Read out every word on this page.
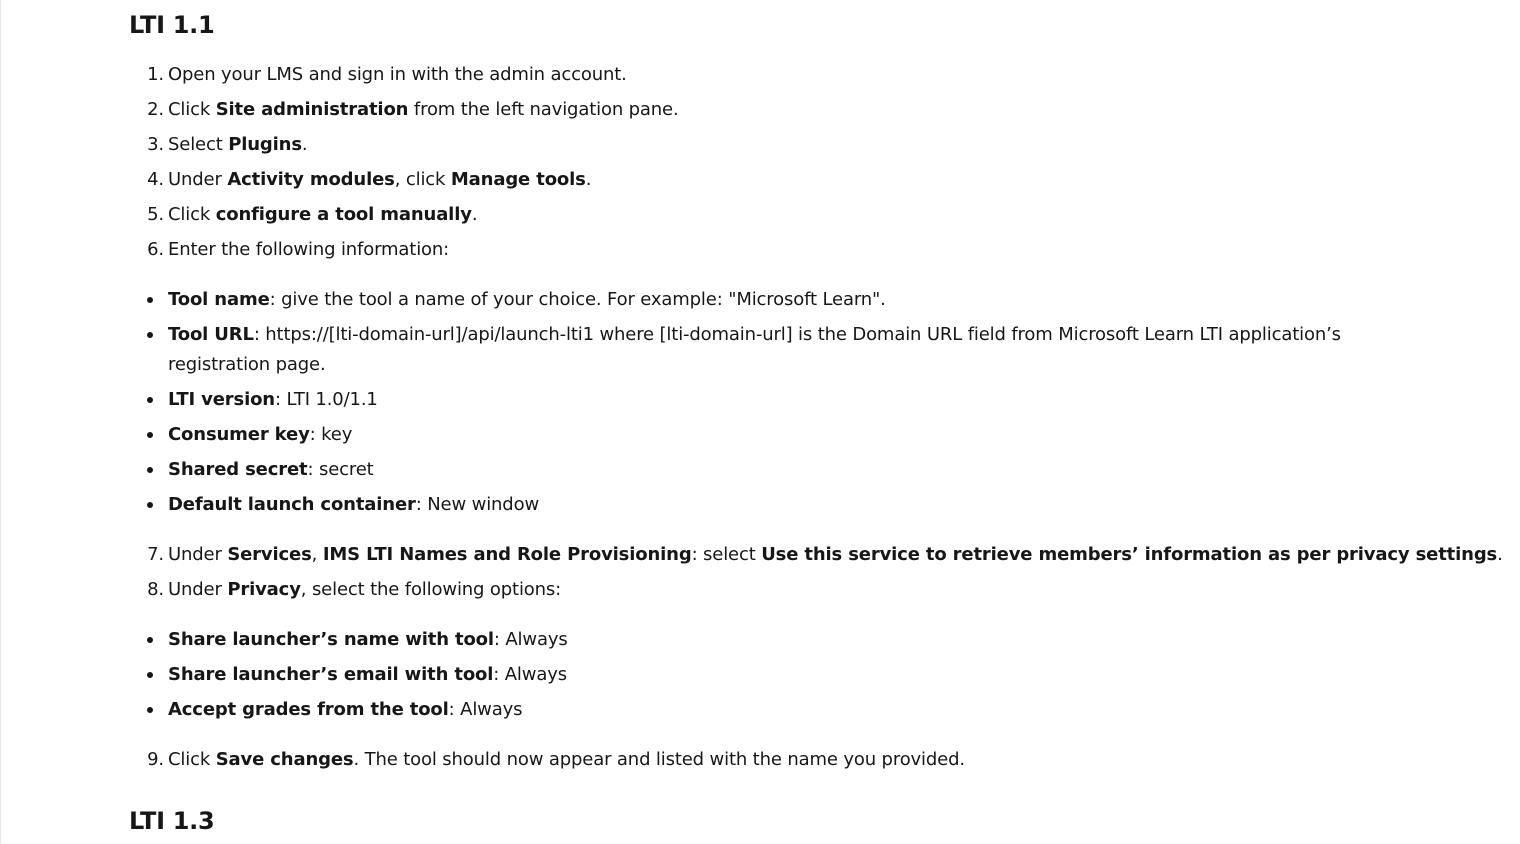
LTI 1.1
1. Open your LMS and sign in with the admin account.
2. Click Site administration from the left navigation pane.
3. Select Plugins.
4. Under Activity modules, click Manage tools.
5. Click configure a tool manually.
6. Enter the following information:
Tool name: give the tool a name of your choice. For example: "Microsoft Learn".
Tool URL: https://[lti-domain-url]/api/launch-lti1 where [lti-domain-url] is the Domain URL field from Microsoft Learn LTI application’s registration page.
LTI version: LTI 1.0/1.1
Consumer key: key
Shared secret: secret
Default launch container: New window
7. Under Services, IMS LTI Names and Role Provisioning: select Use this service to retrieve members’ information as per privacy settings.
8. Under Privacy, select the following options:
Share launcher’s name with tool: Always
Share launcher’s email with tool: Always
Accept grades from the tool: Always
9. Click Save changes. The tool should now appear and listed with the name you provided.
LTI 1.3
